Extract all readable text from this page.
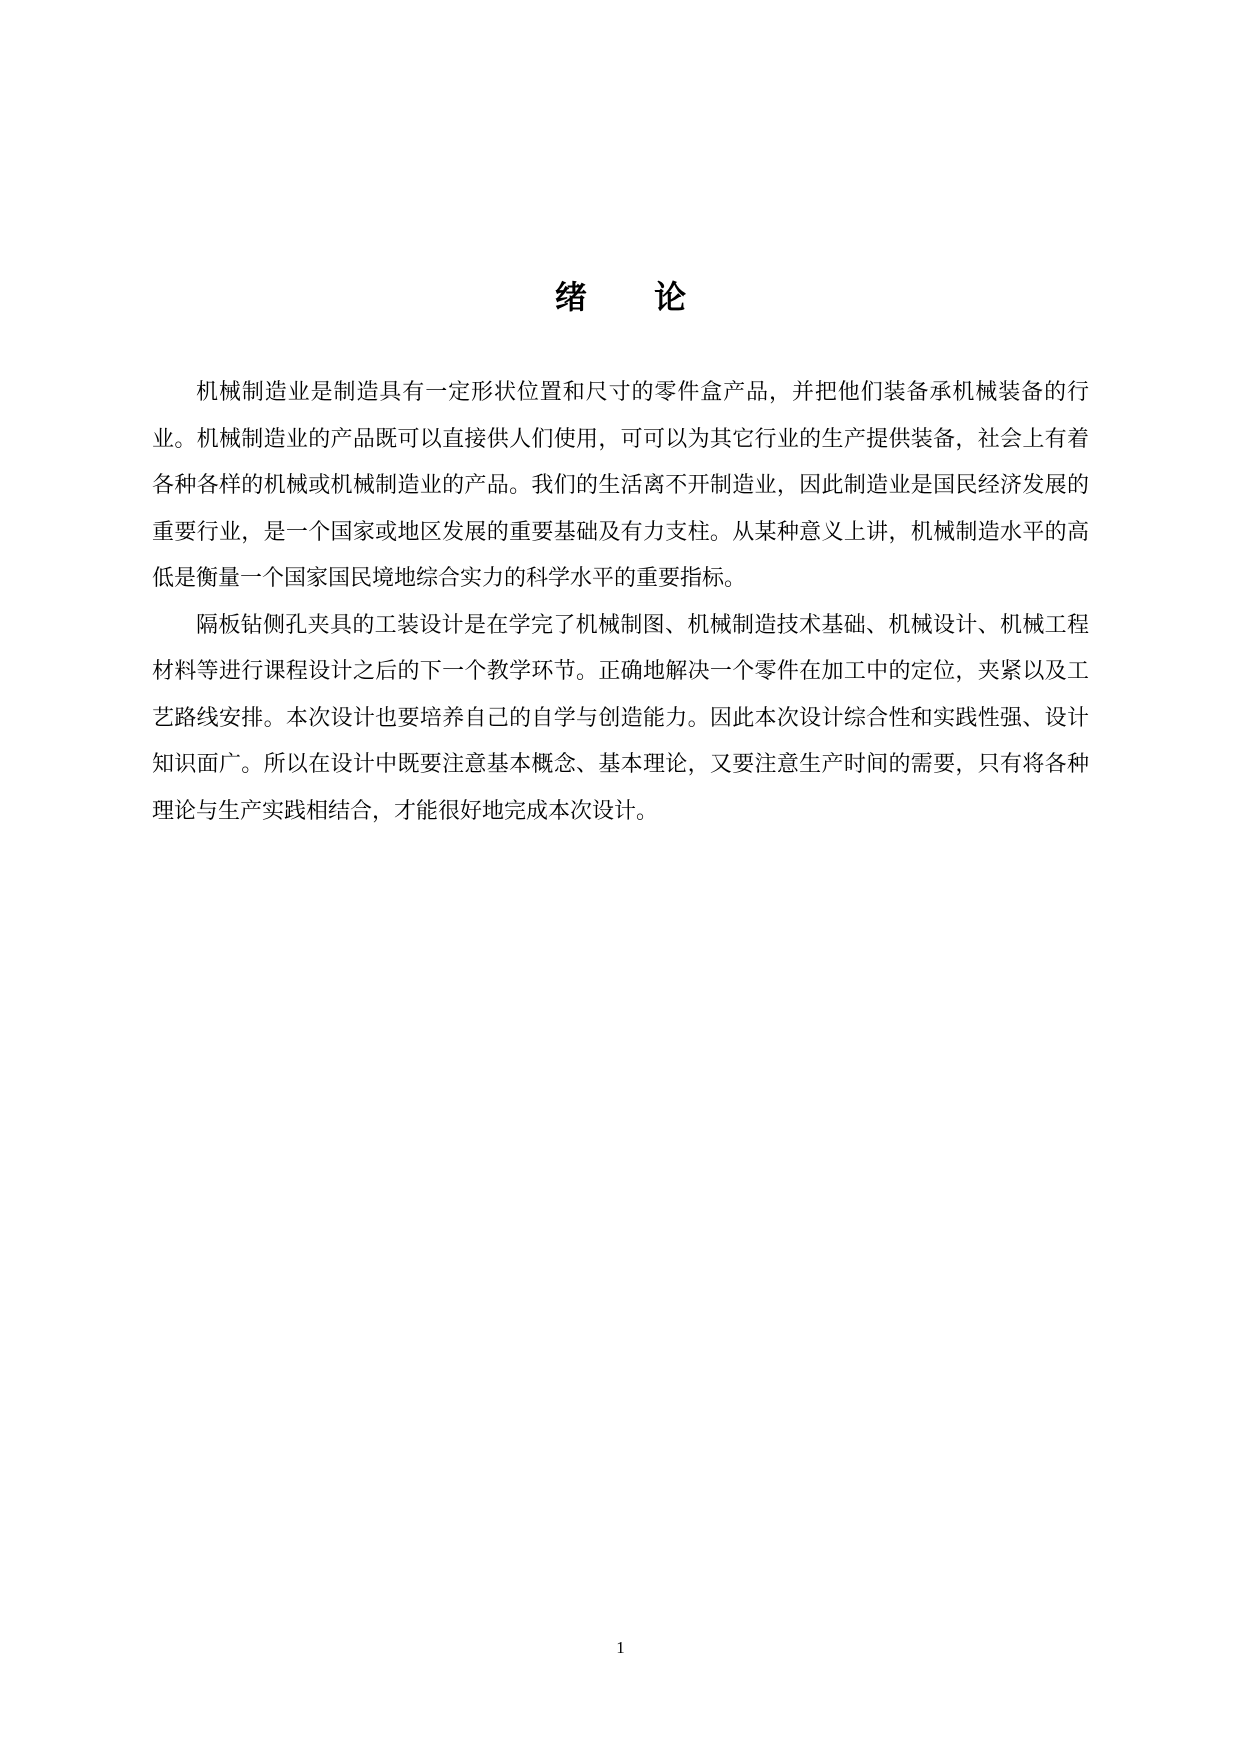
绪 论

机械制造业是制造具有一定形状位置和尺寸的零件盒产品，并把他们装备承机械装备的行业。机械制造业的产品既可以直接供人们使用，可可以为其它行业的生产提供装备，社会上有着各种各样的机械或机械制造业的产品。我们的生活离不开制造业，因此制造业是国民经济发展的重要行业，是一个国家或地区发展的重要基础及有力支柱。从某种意义上讲，机械制造水平的高低是衡量一个国家国民境地综合实力的科学水平的重要指标。

隔板钻侧孔夹具的工装设计是在学完了机械制图、机械制造技术基础、机械设计、机械工程材料等进行课程设计之后的下一个教学环节。正确地解决一个零件在加工中的定位，夹紧以及工艺路线安排。本次设计也要培养自己的自学与创造能力。因此本次设计综合性和实践性强、设计知识面广。所以在设计中既要注意基本概念、基本理论，又要注意生产时间的需要，只有将各种理论与生产实践相结合，才能很好地完成本次设计。

1
